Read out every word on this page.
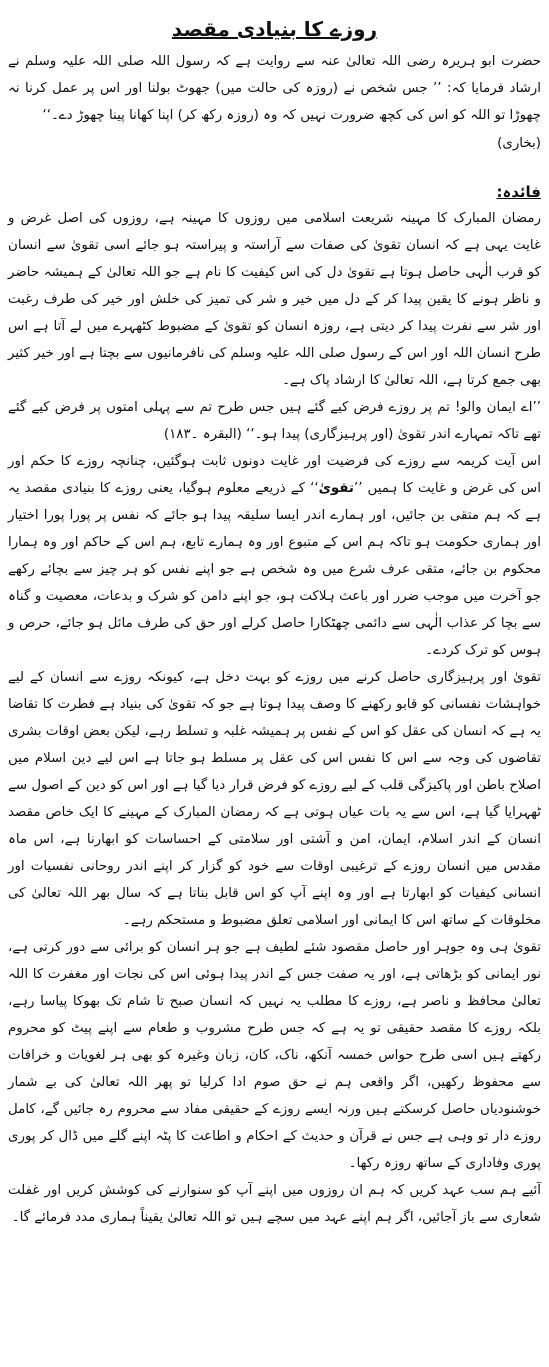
روزے کا بنیادی مقصد

حضرت ابو ہریرہ رضی اللہ تعالیٰ عنہ سے روایت ہے کہ رسول اللہ صلی اللہ علیہ وسلم نے ارشاد فرمایا کہ: ’’ جس شخص نے (روزہ کی حالت میں) جھوٹ بولنا اور اس پر عمل کرنا نہ چھوڑا تو اللہ کو اس کی کچھ ضرورت نہیں کہ وہ (روزہ رکھ کر) اپنا کھانا پینا چھوڑ دے۔‘‘

(بخاری)

فائدہ:

رمضان المبارک کا مہینہ شریعت اسلامی میں روزوں کا مہینہ ہے، روزوں کی اصل غرض و غایت یہی ہے کہ انسان تقویٰ کی صفات سے آراستہ و پیراستہ ہو جائے اسی تقویٰ سے انسان کو قرب الٰہی حاصل ہوتا ہے تقویٰ دل کی اس کیفیت کا نام ہے جو اللہ تعالیٰ کے ہمیشہ حاضر و ناظر ہونے کا یقین پیدا کر کے دل میں خیر و شر کی تمیز کی خلش اور خیر کی طرف رغبت اور شر سے نفرت پیدا کر دیتی ہے، روزہ انسان کو تقویٰ کے مضبوط کٹھہرے میں لے آتا ہے اس طرح انسان اللہ اور اس کے رسول صلی اللہ علیہ وسلم کی نافرمانیوں سے بچتا ہے اور خیر کثیر بھی جمع کرتا ہے، اللہ تعالیٰ کا ارشاد پاک ہے۔

’’اے ایمان والو! تم پر روزے فرض کیے گئے ہیں جس طرح تم سے پہلی امتوں پر فرض کیے گئے تھے تاکہ تمہارے اندر تقویٰ (اور پرہیزگاری) پیدا ہو۔‘‘ (البقرہ ۔۱۸۳)

اس آیت کریمہ سے روزے کی فرضیت اور غایت دونوں ثابت ہوگئیں، چنانچہ روزے کا حکم اور اس کی غرض و غایت کا ہمیں ’’تقویٰ‘‘ کے ذریعے معلوم ہوگیا، یعنی روزے کا بنیادی مقصد یہ ہے کہ ہم متقی بن جائیں، اور ہمارے اندر ایسا سلیقہ پیدا ہو جائے کہ نفس پر پورا پورا اختیار اور ہماری حکومت ہو تاکہ ہم اس کے متبوع اور وہ ہمارے تابع، ہم اس کے حاکم اور وہ ہمارا محکوم بن جائے، متقی عرف شرع میں وہ شخص ہے جو اپنے نفس کو ہر چیز سے بچائے رکھے جو آخرت میں موجب ضرر اور باعث ہلاکت ہو، جو اپنے دامن کو شرک و بدعات، معصیت و گناہ سے بچا کر عذاب الٰہی سے دائمی چھٹکارا حاصل کرلے اور حق کی طرف مائل ہو جائے، حرص و ہوس کو ترک کردے۔

تقویٰ اور پرہیزگاری حاصل کرنے میں روزے کو بہت دخل ہے، کیونکہ روزے سے انسان کے لیے خواہشات نفسانی کو قابو رکھنے کا وصف پیدا ہوتا ہے جو کہ تقویٰ کی بنیاد ہے فطرت کا تقاضا یہ ہے کہ انسان کی عقل کو اس کے نفس پر ہمیشہ غلبہ و تسلط رہے، لیکن بعض اوقات بشری تقاضوں کی وجہ سے اس کا نفس اس کی عقل پر مسلط ہو جاتا ہے اس لیے دین اسلام میں اصلاح باطن اور پاکیزگی قلب کے لیے روزے کو فرض قرار دیا گیا ہے اور اس کو دین کے اصول سے ٹھہرایا گیا ہے، اس سے یہ بات عیاں ہوتی ہے کہ رمضان المبارک کے مہینے کا ایک خاص مقصد انسان کے اندر اسلام، ایمان، امن و آشتی اور سلامتی کے احساسات کو ابھارنا ہے، اس ماہ مقدس میں انسان روزے کے ترغیبی اوقات سے خود کو گزار کر اپنے اندر روحانی نفسیات اور انسانی کیفیات کو ابھارتا ہے اور وہ اپنے آپ کو اس قابل بناتا ہے کہ سال بھر اللہ تعالیٰ کی مخلوقات کے ساتھ اس کا ایمانی اور اسلامی تعلق مضبوط و مستحکم رہے۔

تقویٰ ہی وہ جوہر اور حاصل مقصود شئے لطیف ہے جو ہر انسان کو برائی سے دور کرتی ہے، نور ایمانی کو بڑھاتی ہے، اور یہ صفت جس کے اندر پیدا ہوئی اس کی نجات اور مغفرت کا اللہ تعالیٰ محافظ و ناصر ہے، روزے کا مطلب یہ نہیں کہ انسان صبح تا شام تک بھوکا پیاسا رہے، بلکہ روزے کا مقصد حقیقی تو یہ ہے کہ جس طرح مشروب و طعام سے اپنے پیٹ کو محروم رکھتے ہیں اسی طرح حواس خمسہ آنکھ، ناک، کان، زبان وغیرہ کو بھی ہر لغویات و خرافات سے محفوظ رکھیں، اگر واقعی ہم نے حق صوم ادا کرلیا تو پھر اللہ تعالیٰ کی بے شمار خوشنودیاں حاصل کرسکتے ہیں ورنہ ایسے روزے کے حقیقی مفاد سے محروم رہ جائیں گے، کامل روزے دار تو وہی ہے جس نے قرآن و حدیث کے احکام و اطاعت کا پٹہ اپنے گلے میں ڈال کر پوری پوری وفاداری کے ساتھ روزہ رکھا۔

آئیے ہم سب عہد کریں کہ ہم ان روزوں میں اپنے آپ کو سنوارنے کی کوشش کریں اور غفلت شعاری سے باز آجائیں، اگر ہم اپنے عہد میں سچے ہیں تو اللہ تعالیٰ یقیناً ہماری مدد فرمائے گا۔
